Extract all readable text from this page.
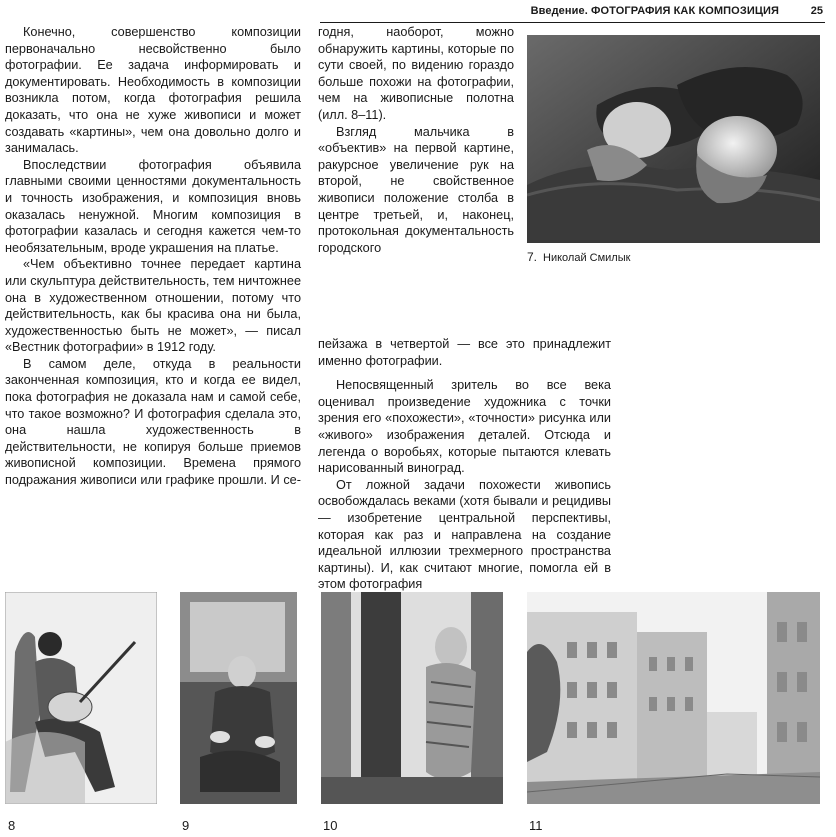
Введение. ФОТОГРАФИЯ КАК КОМПОЗИЦИЯ	25

Конечно, совершенство композиции первоначально несвойственно было фотографии. Ее задача информировать и документировать. Необходимость в композиции возникла потом, когда фотография решила доказать, что она не хуже живописи и может создавать «картины», чем она довольно долго и занималась.

Впоследствии фотография объявила главными своими ценностями документальность и точность изображения, и композиция вновь оказалась ненужной. Многим композиция в фотографии казалась и сегодня кажется чем-то необязательным, вроде украшения на платье.

«Чем объективно точнее передает картина или скульптура действительность, тем ничтожнее она в художественном отношении, потому что действительность, как бы красива она ни была, художественностью быть не может», — писал «Вестник фотографии» в 1912 году.

В самом деле, откуда в реальности законченная композиция, кто и когда ее видел, пока фотография не доказала нам и самой себе, что такое возможно? И фотография сделала это, она нашла художественность в действительности, не копируя больше приемов живописной композиции. Времена прямого подражания живописи или графике прошли. И се-

годня, наоборот, можно обнаружить картины, которые по сути своей, по видению гораздо больше похожи на фотографии, чем на живописные полотна (илл. 8–11).

Взгляд мальчика в «объектив» на первой картине, ракурсное увеличение рук на второй, не свойственное живописи положение столба в центре третьей, и, наконец, протокольная документальность городского

пейзажа в четвертой — все это принадлежит именно фотографии.

Непосвященный зритель во все века оценивал произведение художника с точки зрения его «похожести», «точности» рисунка или «живого» изображения деталей. Отсюда и легенда о воробьях, которые пытаются клевать нарисованный виноград.

От ложной задачи похожести живопись освобождалась веками (хотя бывали и рецидивы — изобретение центральной перспективы, которая как раз и направлена на создание идеальной иллюзии трехмерного пространства картины). И, как считают многие, помогла ей в этом фотография

7. Николай Смилык
8	9	10	11
